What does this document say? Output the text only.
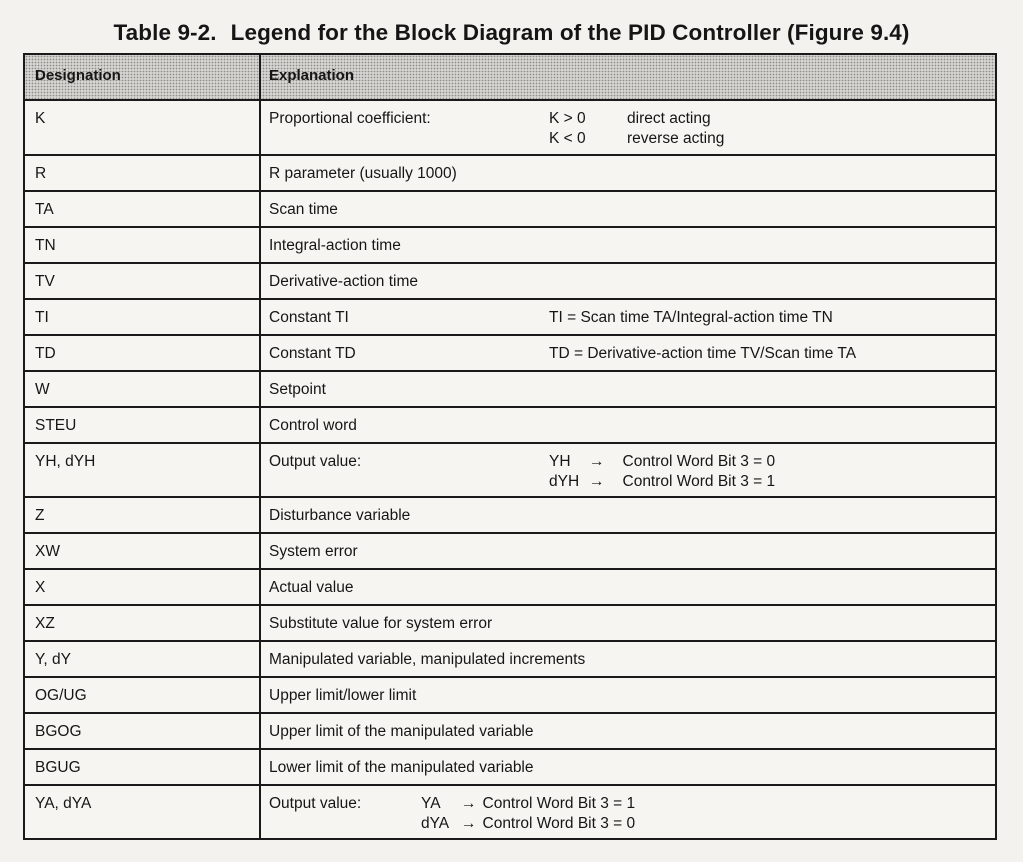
Table 9-2. Legend for the Block Diagram of the PID Controller (Figure 9.4)
Designation	Explanation
K	Proportional coefficient:	K > 0	direct acting
K < 0	reverse acting
R	R parameter (usually 1000)
TA	Scan time
TN	Integral-action time
TV	Derivative-action time
TI	Constant TI	TI = Scan time TA/Integral-action time TN
TD	Constant TD	TD = Derivative-action time TV/Scan time TA
W	Setpoint
STEU	Control word
YH, dYH	Output value:	YH → Control Word Bit 3 = 0
dYH → Control Word Bit 3 = 1
Z	Disturbance variable
XW	System error
X	Actual value
XZ	Substitute value for system error
Y, dY	Manipulated variable, manipulated increments
OG/UG	Upper limit/lower limit
BGOG	Upper limit of the manipulated variable
BGUG	Lower limit of the manipulated variable
YA, dYA	Output value:	YA → Control Word Bit 3 = 1
dYA → Control Word Bit 3 = 0
